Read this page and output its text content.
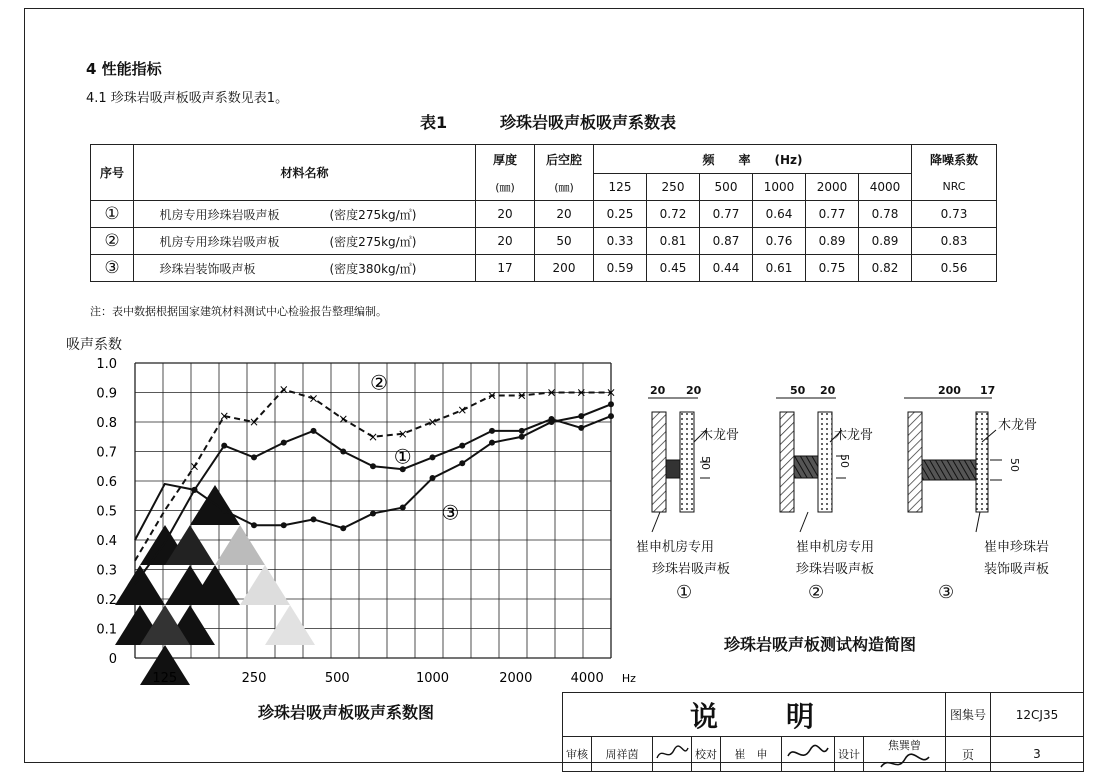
4 性能指标
4.1 珍珠岩吸声板吸声系数见表1。
表1	珍珠岩吸声板吸声系数表
序号	材料名称	厚度	后空腔	频　　率　　(Hz)						降噪系数
		(㎜)	(㎜)	125	250	500	1000	2000	4000	NRC
①	机房专用珍珠岩吸声板 (密度275kg/㎥)	20	20	0.25	0.72	0.77	0.64	0.77	0.78	0.73
②	机房专用珍珠岩吸声板 (密度275kg/㎥)	20	50	0.33	0.81	0.87	0.76	0.89	0.89	0.83
③	珍珠岩装饰吸声板 (密度380kg/㎥)	17	200	0.59	0.45	0.44	0.61	0.75	0.82	0.56
注：表中数据根据国家建筑材料测试中心检验报告整理编制。
吸声系数
①
×
× ×
×
×
×
× ×
×
×
× × × × ×
②
③
1.0
0.9
0.8
0.7
0.6
0.5
0.4
0.3
0.2
0.1
0
125	250	500	1000	2000	4000 Hz
珍珠岩吸声板吸声系数图
20 20
木龙骨
50
崔申机房专用
珍珠岩吸声板
①
50 20
木龙骨
50
崔申机房专用
珍珠岩吸声板
②
200 17
木龙骨
50
崔申珍珠岩
装饰吸声板
③
珍珠岩吸声板测试构造简图
说　　明								图集号	12CJ35
审核	周祥茵		校对	崔　申		设计	焦巽曾	页	3
